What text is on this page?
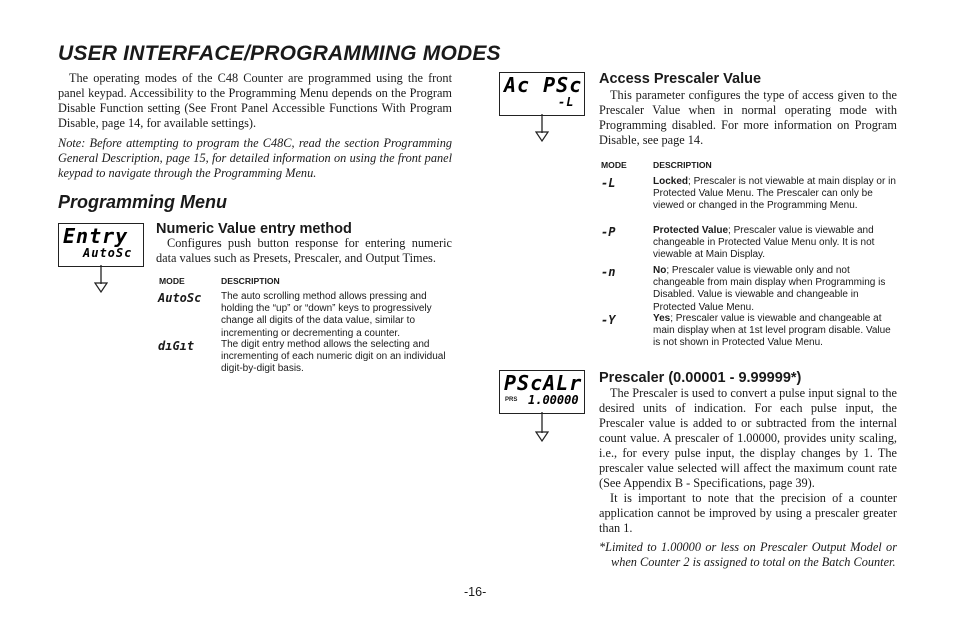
USER INTERFACE/PROGRAMMING MODES
The operating modes of the C48 Counter are programmed using the front panel keypad. Accessibility to the Programming Menu depends on the Program Disable Function setting (See Front Panel Accessible Functions With Program Disable, page 14, for available settings).
Note: Before attempting to program the C48C, read the section Programming General Description, page 15, for detailed information on using the front panel keypad to navigate through the Programming Menu.
Programming Menu
Entry
AutoSc
Numeric Value entry method
Configures push button response for entering numeric data values such as Presets, Prescaler, and Output Times.
MODE	DESCRIPTION
AutoSc The auto scrolling method allows pressing and holding the “up” or “down” keys to progressively change all digits of the data value, similar to incrementing or decrementing a counter.
dıGıt	The digit entry method allows the selecting and incrementing of each numeric digit on an individual digit-by-digit basis.
Ac PSc
-L
Access Prescaler Value
This parameter configures the type of access given to the Prescaler Value when in normal operating mode with Programming disabled. For more information on Program Disable, see page 14.
MODE	DESCRIPTION
-L	Locked; Prescaler is not viewable at main display or in Protected Value Menu. The Prescaler can only be viewed or changed in the Programming Menu.
-P	Protected Value; Prescaler value is viewable and changeable in Protected Value Menu only. It is not viewable at Main Display.
-n	No; Prescaler value is viewable only and not changeable from main display when Programming is Disabled. Value is viewable and changeable in Protected Value Menu.
-Y	Yes; Prescaler value is viewable and changeable at main display when at 1st level program disable. Value is not shown in Protected Value Menu.
PScALr
PRS 1.00000
Prescaler (0.00001 - 9.99999*)
The Prescaler is used to convert a pulse input signal to the desired units of indication. For each pulse input, the Prescaler value is added to or subtracted from the internal count value. A prescaler of 1.00000, provides unity scaling, i.e., for every pulse input, the display changes by 1. The prescaler value selected will affect the maximum count rate (See Appendix B - Specifications, page 39).
It is important to note that the precision of a counter application cannot be improved by using a prescaler greater than 1.
*Limited to 1.00000 or less on Prescaler Output Model or when Counter 2 is assigned to total on the Batch Counter.
-16-
